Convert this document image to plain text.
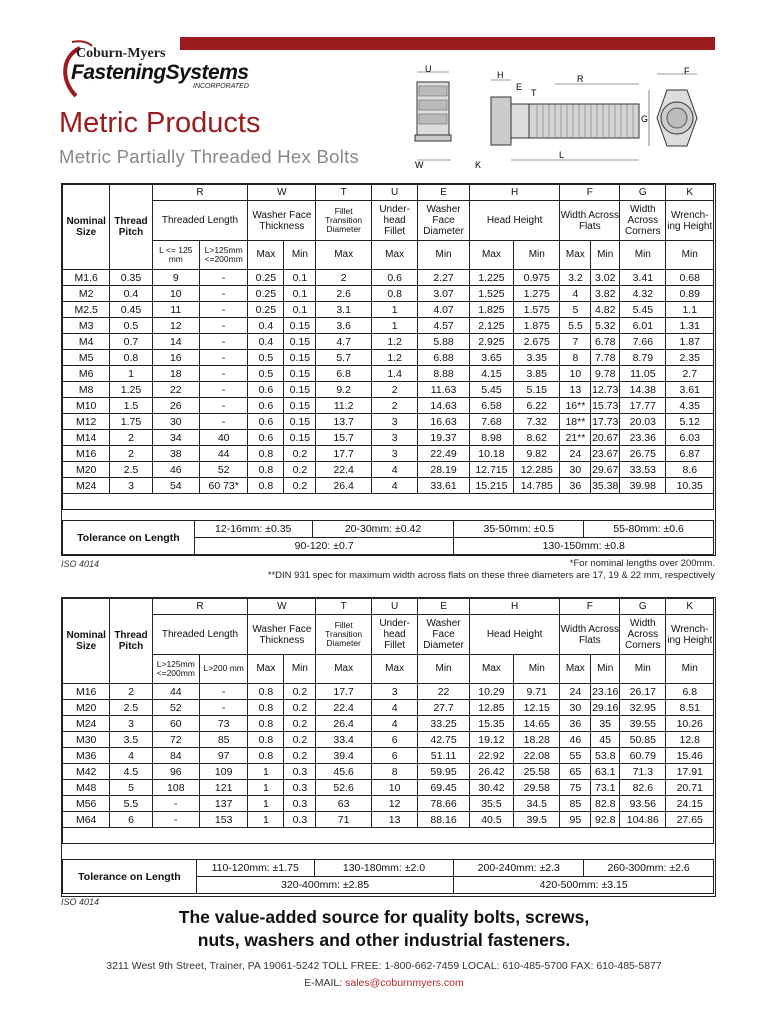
Coburn-Myers
FasteningSystems
INCORPORATED
Metric Products
Metric Partially Threaded Hex Bolts
U
W
H
E
T
R
K
L
F
G
Nominal Size	Thread Pitch	R		W		T	U	E	H		F		G	K
		Threaded Length		Washer Face Thickness		Fillet Transition Diameter	Under-head Fillet	Washer Face Diameter	Head Height		Width Across Flats		Width Across Corners	Wrench-ing Height
		L <= 125 mm	L>125mm <=200mm	Max	Min	Max	Max	Min	Max	Min	Max	Min	Min	Min
M1.6	0.35	9	-	0.25	0.1	2	0.6	2.27	1.225	0.975	3.2	3.02	3.41	0.68
M2	0.4	10	-	0.25	0.1	2.6	0.8	3.07	1.525	1.275	4	3.82	4.32	0.89
M2.5	0.45	11	-	0.25	0.1	3.1	1	4.07	1.825	1.575	5	4.82	5.45	1.1
M3	0.5	12	-	0.4	0.15	3.6	1	4.57	2.125	1.875	5.5	5.32	6.01	1.31
M4	0.7	14	-	0.4	0.15	4.7	1.2	5.88	2.925	2.675	7	6.78	7.66	1.87
M5	0.8	16	-	0.5	0.15	5.7	1.2	6.88	3.65	3.35	8	7.78	8.79	2.35
M6	1	18	-	0.5	0.15	6.8	1.4	8.88	4.15	3.85	10	9.78	11.05	2.7
M8	1.25	22	-	0.6	0.15	9.2	2	11.63	5.45	5.15	13	12.73	14.38	3.61
M10	1.5	26	-	0.6	0.15	11.2	2	14.63	6.58	6.22	16**	15.73	17.77	4.35
M12	1.75	30	-	0.6	0.15	13.7	3	16.63	7.68	7.32	18**	17.73	20.03	5.12
M14	2	34	40	0.6	0.15	15.7	3	19.37	8.98	8.62	21**	20.67	23.36	6.03
M16	2	38	44	0.8	0.2	17.7	3	22.49	10.18	9.82	24	23.67	26.75	6.87
M20	2.5	46	52	0.8	0.2	22.4	4	28.19	12.715	12.285	30	29.67	33.53	8.6
M24	3	54	60 73*	0.8	0.2	26.4	4	33.61	15.215	14.785	36	35.38	39.98	10.35

Tolerance on Length	12-16mm: ±0.35	20-30mm: ±0.42	35-50mm: ±0.5	55-80mm: ±0.6
	90-120: ±0.7		130-150mm: ±0.8	
ISO 4014	*For nominal lengths over 200mm.
**DIN 931 spec for maximum width across flats on these three diameters are 17, 19 & 22 mm, respectively
Nominal Size	Thread Pitch	R		W		T	U	E	H		F		G	K
		Threaded Length		Washer Face Thickness		Fillet Transition Diameter	Under-head Fillet	Washer Face Diameter	Head Height		Width Across Flats		Width Across Corners	Wrench-ing Height
		L>125mm <=200mm	L>200 mm	Max	Min	Max	Max	Min	Max	Min	Max	Min	Min	Min
M16	2	44	-	0.8	0.2	17.7	3	22	10.29	9.71	24	23.16	26.17	6.8
M20	2.5	52	-	0.8	0.2	22.4	4	27.7	12.85	12.15	30	29.16	32.95	8.51
M24	3	60	73	0.8	0.2	26.4	4	33.25	15.35	14.65	36	35	39.55	10.26
M30	3.5	72	85	0.8	0.2	33.4	6	42.75	19.12	18.28	46	45	50.85	12.8
M36	4	84	97	0.8	0.2	39.4	6	51.11	22.92	22.08	55	53.8	60.79	15.46
M42	4.5	96	109	1	0.3	45.6	8	59.95	26.42	25.58	65	63.1	71.3	17.91
M48	5	108	121	1	0.3	52.6	10	69.45	30.42	29.58	75	73.1	82.6	20.71
M56	5.5	-	137	1	0.3	63	12	78.66	35.5	34.5	85	82.8	93.56	24.15
M64	6	-	153	1	0.3	71	13	88.16	40.5	39.5	95	92.8	104.86	27.65

Tolerance on Length	110-120mm: ±1.75	130-180mm: ±2.0	200-240mm: ±2.3	260-300mm: ±2.6
	320-400mm: ±2.85		420-500mm: ±3.15	
ISO 4014
The value-added source for quality bolts, screws,
nuts, washers and other industrial fasteners.
3211 West 9th Street, Trainer, PA 19061-5242 TOLL FREE: 1-800-662-7459 LOCAL: 610-485-5700 FAX: 610-485-5877
E-MAIL: sales@coburnmyers.com
